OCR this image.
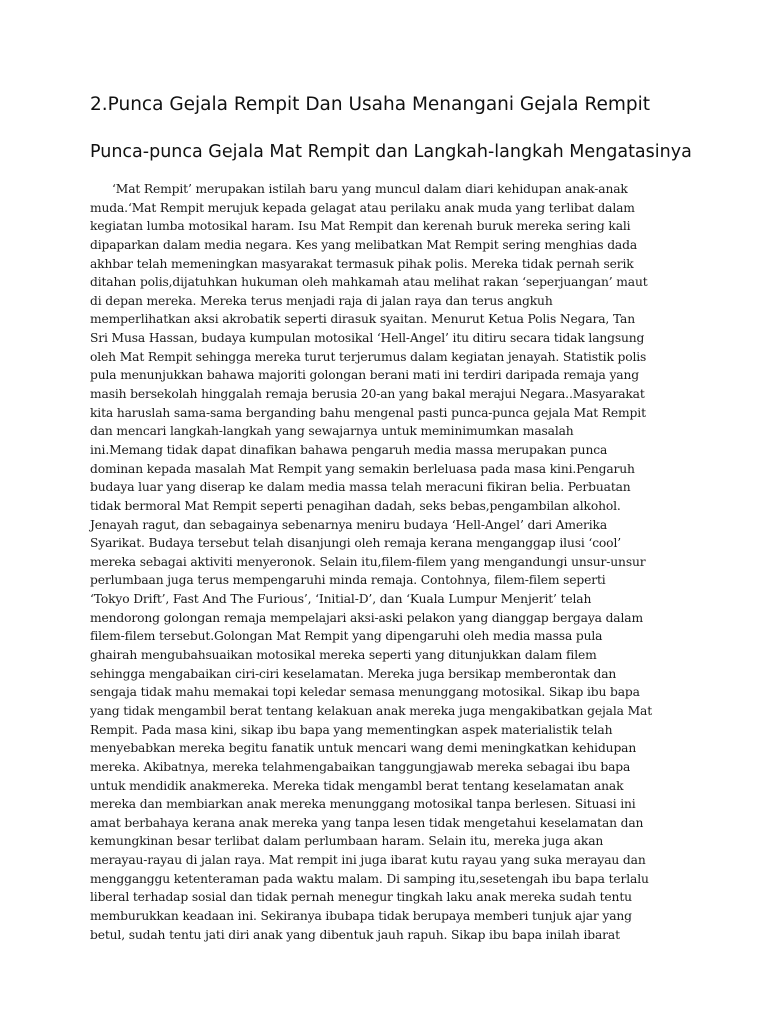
2.Punca Gejala Rempit Dan Usaha Menangani Gejala Rempit
Punca-punca Gejala Mat Rempit dan Langkah-langkah Mengatasinya
‘Mat Rempit’ merupakan istilah baru yang muncul dalam diari kehidupan anak-anak
muda.‘Mat Rempit merujuk kepada gelagat atau perilaku anak muda yang terlibat dalam
kegiatan lumba motosikal haram. Isu Mat Rempit dan kerenah buruk mereka sering kali
dipaparkan dalam media negara. Kes yang melibatkan Mat Rempit sering menghias dada
akhbar telah memeningkan masyarakat termasuk pihak polis. Mereka tidak pernah serik
ditahan polis,dijatuhkan hukuman oleh mahkamah atau melihat rakan ‘seperjuangan’ maut
di depan mereka. Mereka terus menjadi raja di jalan raya dan terus angkuh
memperlihatkan aksi akrobatik seperti dirasuk syaitan. Menurut Ketua Polis Negara, Tan
Sri Musa Hassan, budaya kumpulan motosikal ‘Hell-Angel’ itu ditiru secara tidak langsung
oleh Mat Rempit sehingga mereka turut terjerumus dalam kegiatan jenayah. Statistik polis
pula menunjukkan bahawa majoriti golongan berani mati ini terdiri daripada remaja yang
masih bersekolah hinggalah remaja berusia 20-an yang bakal merajui Negara..Masyarakat
kita haruslah sama-sama berganding bahu mengenal pasti punca-punca gejala Mat Rempit
dan mencari langkah-langkah yang sewajarnya untuk meminimumkan masalah
ini.Memang tidak dapat dinafikan bahawa pengaruh media massa merupakan punca
dominan kepada masalah Mat Rempit yang semakin berleluasa pada masa kini.Pengaruh
budaya luar yang diserap ke dalam media massa telah meracuni fikiran belia. Perbuatan
tidak bermoral Mat Rempit seperti penagihan dadah, seks bebas,pengambilan alkohol.
Jenayah ragut, dan sebagainya sebenarnya meniru budaya ‘Hell-Angel’ dari Amerika
Syarikat. Budaya tersebut telah disanjungi oleh remaja kerana menganggap ilusi ‘cool’
mereka sebagai aktiviti menyeronok. Selain itu,filem-filem yang mengandungi unsur-unsur
perlumbaan juga terus mempengaruhi minda remaja. Contohnya, filem-filem seperti
‘Tokyo Drift’, Fast And The Furious’, ‘Initial-D’, dan ‘Kuala Lumpur Menjerit’ telah
mendorong golongan remaja mempelajari aksi-aski pelakon yang dianggap bergaya dalam
filem-filem tersebut.Golongan Mat Rempit yang dipengaruhi oleh media massa pula
ghairah mengubahsuaikan motosikal mereka seperti yang ditunjukkan dalam filem
sehingga mengabaikan ciri-ciri keselamatan. Mereka juga bersikap memberontak dan
sengaja tidak mahu memakai topi keledar semasa menunggang motosikal. Sikap ibu bapa
yang tidak mengambil berat tentang kelakuan anak mereka juga mengakibatkan gejala Mat
Rempit. Pada masa kini, sikap ibu bapa yang mementingkan aspek materialistik telah
menyebabkan mereka begitu fanatik untuk mencari wang demi meningkatkan kehidupan
mereka. Akibatnya, mereka telahmengabaikan tanggungjawab mereka sebagai ibu bapa
untuk mendidik anakmereka. Mereka tidak mengambl berat tentang keselamatan anak
mereka dan membiarkan anak mereka menunggang motosikal tanpa berlesen. Situasi ini
amat berbahaya kerana anak mereka yang tanpa lesen tidak mengetahui keselamatan dan
kemungkinan besar terlibat dalam perlumbaan haram. Selain itu, mereka juga akan
merayau-rayau di jalan raya. Mat rempit ini juga ibarat kutu rayau yang suka merayau dan
mengganggu ketenteraman pada waktu malam. Di samping itu,sesetengah ibu bapa terlalu
liberal terhadap sosial dan tidak pernah menegur tingkah laku anak mereka sudah tentu
memburukkan keadaan ini. Sekiranya ibubapa tidak berupaya memberi tunjuk ajar yang
betul, sudah tentu jati diri anak yang dibentuk jauh rapuh. Sikap ibu bapa inilah ibarat
